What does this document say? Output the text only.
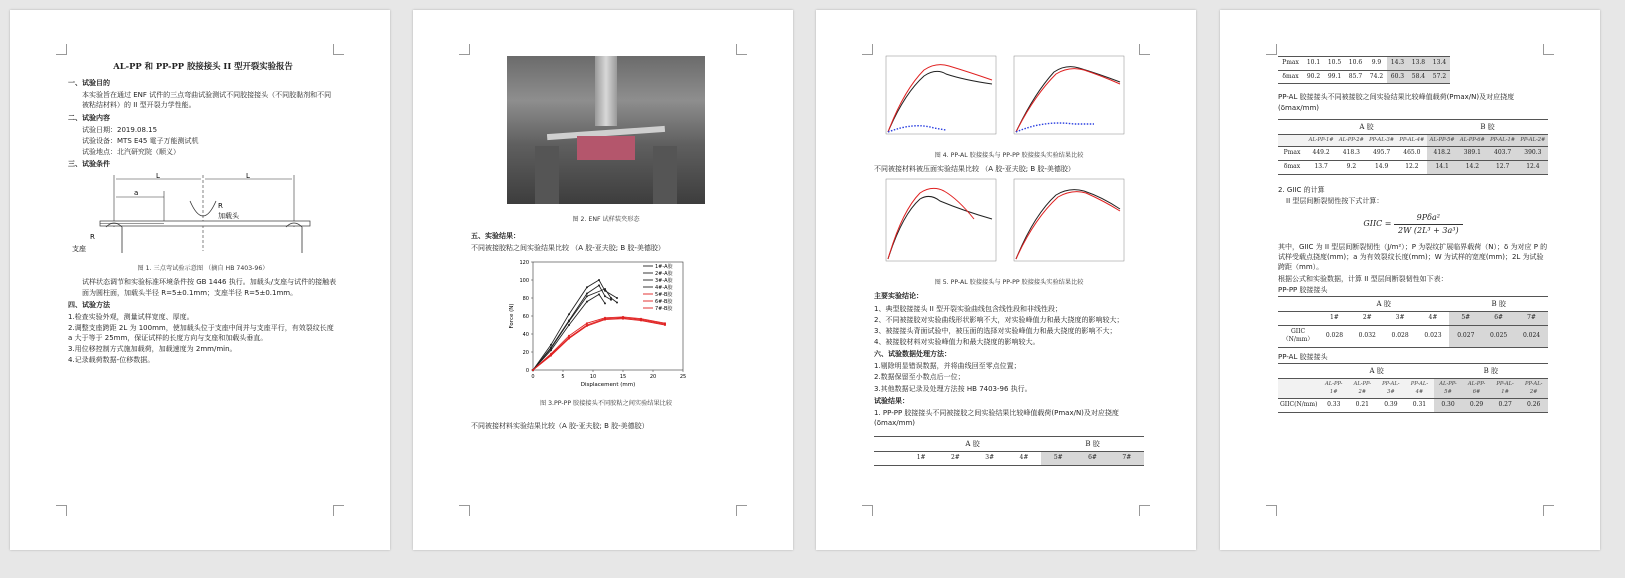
AL-PP 和 PP-PP 胶接接头 II 型开裂实验报告
一、试验目的
本实验旨在通过 ENF 试件的三点弯曲试验测试不同胶接接头（不同胶黏剂和不同被粘结材料）的 II 型开裂力学性能。
二、试验内容
试验日期：2019.08.15
试验设备：MTS E45 電子万能测试机
试验地点：北汽研究院（顺义）
三、试验条件
L	L
a
R
加载头
R
支座
图 1. 三点弯试验示意图 （摘自 HB 7403-96）
试样状态调节和实验标准环境条件按 GB 1446 执行。加载头/支座与试件的接触表面为圆柱面，加载头半径 R=5±0.1mm；支座半径 R=5±0.1mm。
四、试验方法
1.检查实验外观，测量试样宽度、厚度。
2.调整支座跨距 2L 为 100mm，使加载头位于支座中间并与支座平行，有效裂纹长度 a 大于等于 25mm，保证试样的长度方向与支座和加载头垂直。
3.用位移控制方式施加载荷，加载速度为 2mm/min。
4.记录载荷数据-位移数据。
图 2. ENF 试样装夹形态
五、实验结果：
不同被接胶粘之间实验结果比较 （A 胶-亚夫胶; B 胶-美德胶）
0	5	10	15	20	25
0
20
40
60
80
100
120
Displacement (mm)
Force (N)
1#-A胶
2#-A胶
3#-A胶
4#-A胶
5#-B胶
6#-B胶
7#-B胶
图 3.PP-PP 胶接接头不同胶粘之间实验结果比较
不同被接材料实验结果比较（A 胶-亚夫胶; B 胶-美德胶）
图 4. PP-AL 胶接接头与 PP-PP 胶接接头实验结果比较
不同被接材料被压面实验结果比较 （A 胶-亚夫胶; B 胶-美德胶）
图 5. PP-AL 胶接接头与 PP-PP 胶接接头实验结果比较
主要实验结论：
1、典型胶接接头 II 型开裂实验曲线包含线性段和非线性段；
2、不同被接胶对实验曲线形状影响不大，对实验峰值力和最大挠度的影响较大；
3、被接接头背面试验中，被压面的选择对实验峰值力和最大挠度的影响不大；
4、被接胶材料对实验峰值力和最大挠度的影响较大。
六、试验数据处理方法：
1.剔除明显错误数据，并将曲线回至零点位置；
2.数据保留至小数点后一位；
3.其他数据记录及处理方法按 HB 7403-96 执行。
试验结果：
1. PP-PP 胶接接头不同被接胶之间实验结果比较峰值载荷(Pmax/N)及对应挠度(δmax/mm)
	A 胶				B 胶		
	1#	2#	3#	4#	5#	6#	7#
Pmax	10.1	10.5	10.6	9.9	14.3	13.8	13.4
δmax	90.2	99.1	85.7	74.2	60.3	58.4	57.2
PP-AL 胶接接头不同被接胶之间实验结果比较峰值载荷(Pmax/N)及对应挠度(δmax/mm)
	A 胶				B 胶			
	AL-PP-1#	AL-PP-2#	PP-AL-3#	PP-AL-4#	AL-PP-5#	AL-PP-6#	PP-AL-1#	PP-AL-2#
Pmax	449.2	418.3	495.7	465.0	418.2	389.1	403.7	390.3
δmax	13.7	9.2	14.9	12.2	14.1	14.2	12.7	12.4
2. GIIC 的计算
II 型层间断裂韧性按下式计算：
GIIC =
9Pδa²
2W (2L³ + 3a³)
其中，GIIC 为 II 型层间断裂韧性（J/m²）；P 为裂纹扩展临界载荷（N）；δ 为对应 P 的试样受载点挠度(mm)；a 为有效裂纹长度(mm)；W 为试样的宽度(mm)；2L 为试验跨距（mm）。
根据公式和实验数据，计算 II 型层间断裂韧性如下表：
PP-PP 胶接接头
	A 胶				B 胶		
	1#	2#	3#	4#	5#	6#	7#
GIIC（N/mm）	0.028	0.032	0.028	0.023	0.027	0.025	0.024
PP-AL 胶接接头
	A 胶				B 胶			
	AL-PP-1#	AL-PP-2#	PP-AL-3#	PP-AL-4#	AL-PP-5#	AL-PP-6#	PP-AL-1#	PP-AL-2#
GIIC(N/mm)	0.33	0.21	0.39	0.31	0.30	0.29	0.27	0.26
